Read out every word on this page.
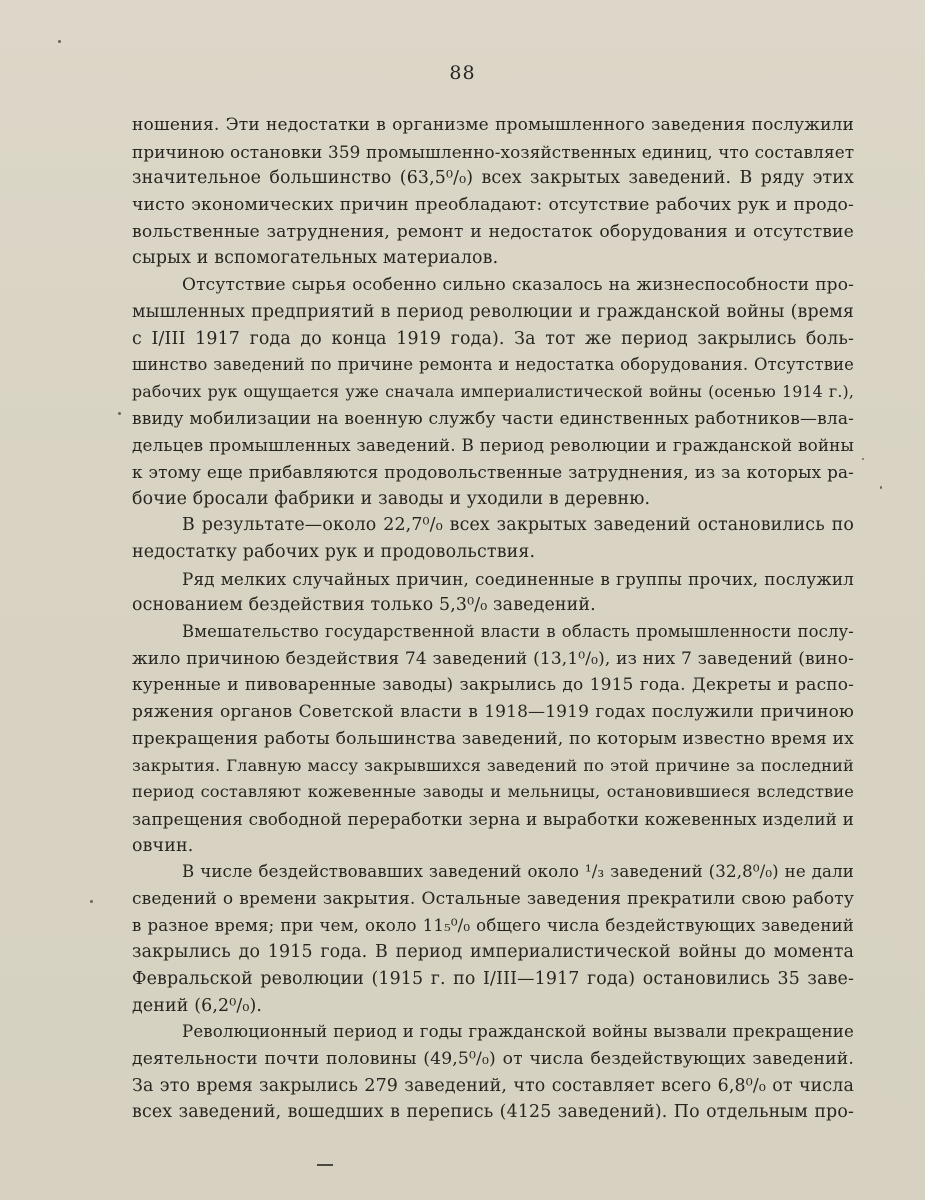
88
ношения. Эти недостатки в организме промышленного заведения послужили
причиною остановки 359 промышленно-хозяйственных единиц, что составляет
значительное большинство (63,5⁰/₀) всех закрытых заведений. В ряду этих
чисто экономических причин преобладают: отсутствие рабочих рук и продо-
вольственные затруднения, ремонт и недостаток оборудования и отсутствие
сырых и вспомогательных материалов.
Отсутствие сырья особенно сильно сказалось на жизнеспособности про-
мышленных предприятий в период революции и гражданской войны (время
с I/III 1917 года до конца 1919 года). За тот же период закрылись боль-
шинство заведений по причине ремонта и недостатка оборудования. Отсутствие
рабочих рук ощущается уже сначала империалистической войны (осенью 1914 г.),
ввиду мобилизации на военную службу части единственных работников—вла-
дельцев промышленных заведений. В период революции и гражданской войны
к этому еще прибавляются продовольственные затруднения, из за которых ра-
бочие бросали фабрики и заводы и уходили в деревню.
В результате—около 22,7⁰/₀ всех закрытых заведений остановились по
недостатку рабочих рук и продовольствия.
Ряд мелких случайных причин, соединенные в группы прочих, послужил
основанием бездействия только 5,3⁰/₀ заведений.
Вмешательство государственной власти в область промышленности послу-
жило причиною бездействия 74 заведений (13,1⁰/₀), из них 7 заведений (вино-
куренные и пивоваренные заводы) закрылись до 1915 года. Декреты и распо-
ряжения органов Советской власти в 1918—1919 годах послужили причиною
прекращения работы большинства заведений, по которым известно время их
закрытия. Главную массу закрывшихся заведений по этой причине за последний
период составляют кожевенные заводы и мельницы, остановившиеся вследствие
запрещения свободной переработки зерна и выработки кожевенных изделий и
овчин.
В числе бездействовавших заведений около ¹/₃ заведений (32,8⁰/₀) не дали
сведений о времени закрытия. Остальные заведения прекратили свою работу
в разное время; при чем, около 11₅⁰/₀ общего числа бездействующих заведений
закрылись до 1915 года. В период империалистической войны до момента
Февральской революции (1915 г. по I/III—1917 года) остановились 35 заве-
дений (6,2⁰/₀).
Революционный период и годы гражданской войны вызвали прекращение
деятельности почти половины (49,5⁰/₀) от числа бездействующих заведений.
За это время закрылись 279 заведений, что составляет всего 6,8⁰/₀ от числа
всех заведений, вошедших в перепись (4125 заведений). По отдельным про-
